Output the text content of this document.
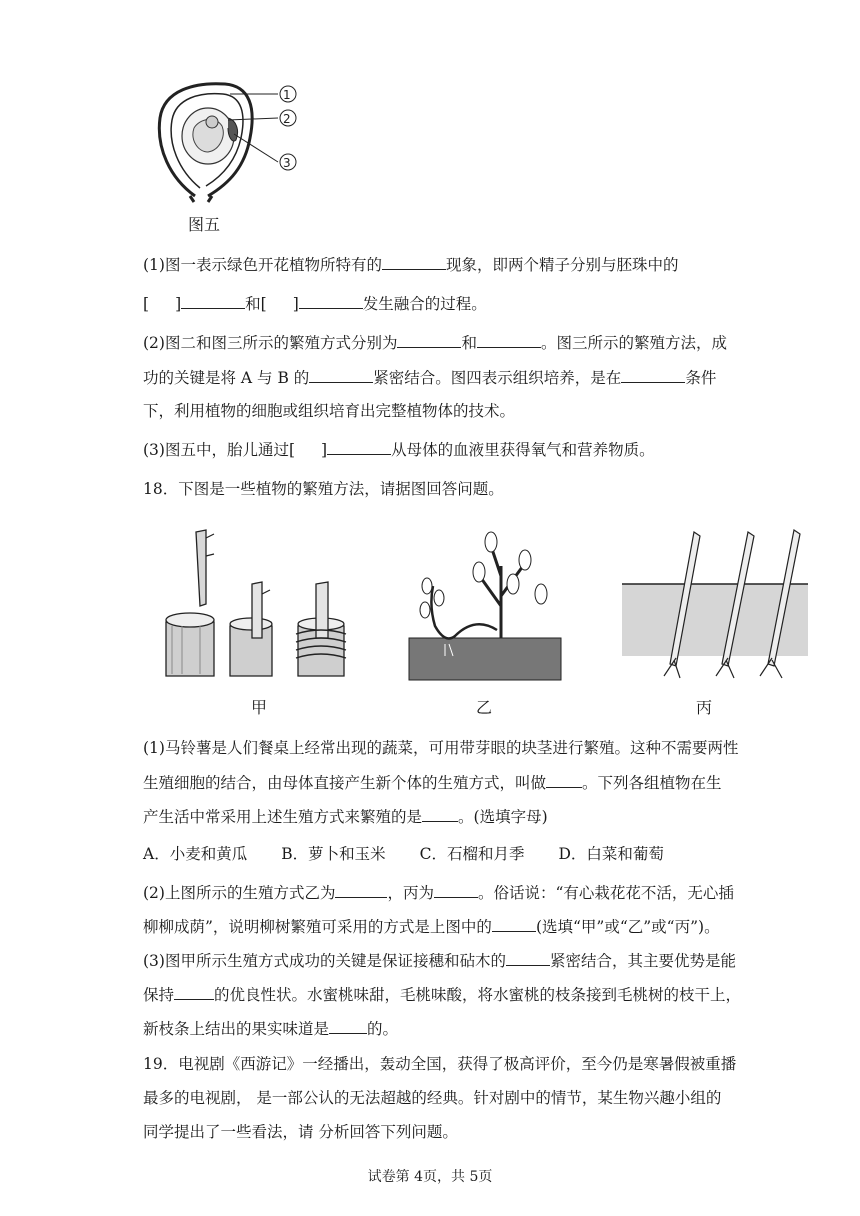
1
2
3
图五
(1)图一表示绿色开花植物所特有的	现象，即两个精子分别与胚珠中的
[ ]	和[ ]	发生融合的过程。
(2)图二和图三所示的繁殖方式分别为	和	。图三所示的繁殖方法，成
功的关键是将 A 与 B 的	紧密结合。图四表示组织培养，是在	条件
下，利用植物的细胞或组织培育出完整植物体的技术。
(3)图五中，胎儿通过[ ]	从母体的血液里获得氧气和营养物质。
18．下图是一些植物的繁殖方法，请据图回答问题。
甲	乙	丙
(1)马铃薯是人们餐桌上经常出现的蔬菜，可用带芽眼的块茎进行繁殖。这种不需要两性
生殖细胞的结合，由母体直接产生新个体的生殖方式，叫做 。下列各组植物在生
产生活中常采用上述生殖方式来繁殖的是 。(选填字母)
A．小麦和黄瓜 B．萝卜和玉米 C．石榴和月季 D．白菜和葡萄
(2)上图所示的生殖方式乙为	，丙为	。俗话说：“有心栽花花不活，无心插
柳柳成荫”，说明柳树繁殖可采用的方式是上图中的	(选填“甲”或“乙”或“丙”)。
(3)图甲所示生殖方式成功的关键是保证接穗和砧木的	紧密结合，其主要优势是能
保持	的优良性状。水蜜桃味甜，毛桃味酸，将水蜜桃的枝条接到毛桃树的枝干上，
新枝条上结出的果实味道是 的。
19．电视剧《西游记》一经播出，轰动全国，获得了极高评价，至今仍是寒暑假被重播
最多的电视剧， 是一部公认的无法超越的经典。针对剧中的情节，某生物兴趣小组的
同学提出了一些看法，请 分析回答下列问题。
试卷第 4页，共 5页
